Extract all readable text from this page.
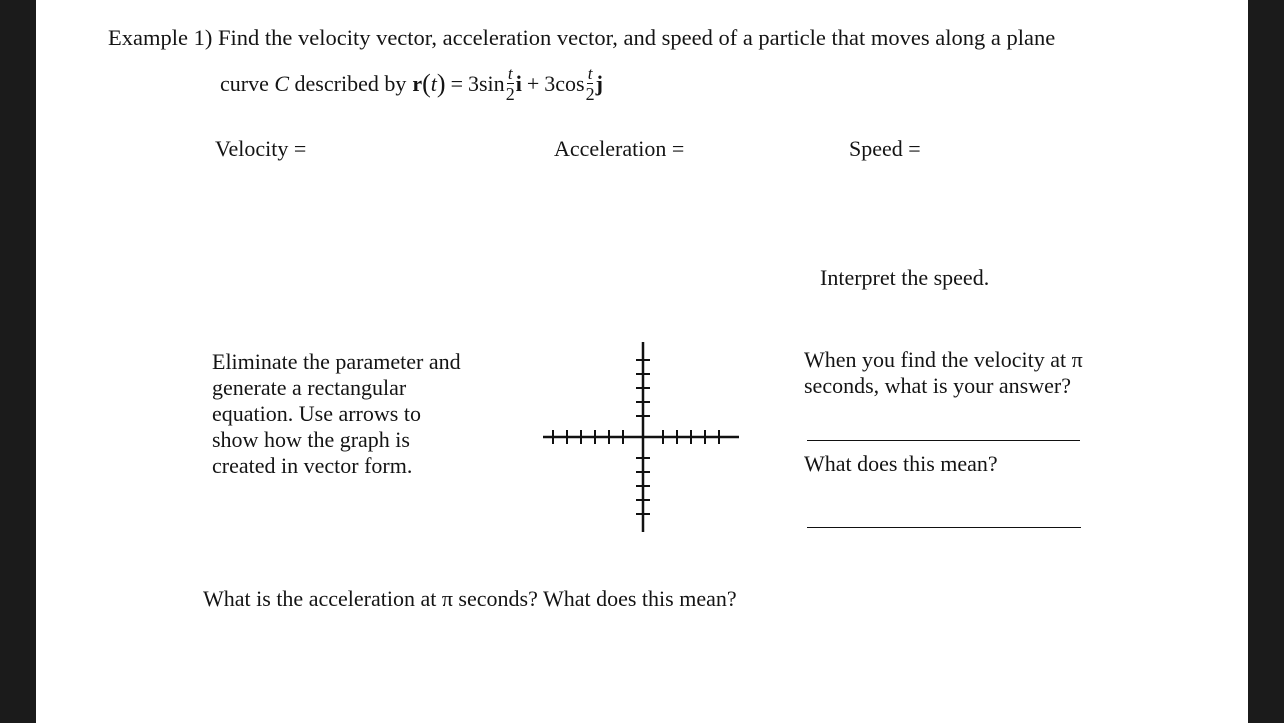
Example 1) Find the velocity vector, acceleration vector, and speed of a particle that moves along a plane
curve
C
described by r ( t ) = $3\sin \frac{t}{2}$ $i + 3\cos \frac{t}{2}$ j
Velocity =	Acceleration =	Speed =
Interpret the speed.
Eliminate the parameter and
generate a rectangular
equation. Use arrows to
show how the graph is
created in vector form.
When you find the velocity at π
seconds, what is your answer?
What does this mean?
What is the acceleration at π seconds? What does this mean?
